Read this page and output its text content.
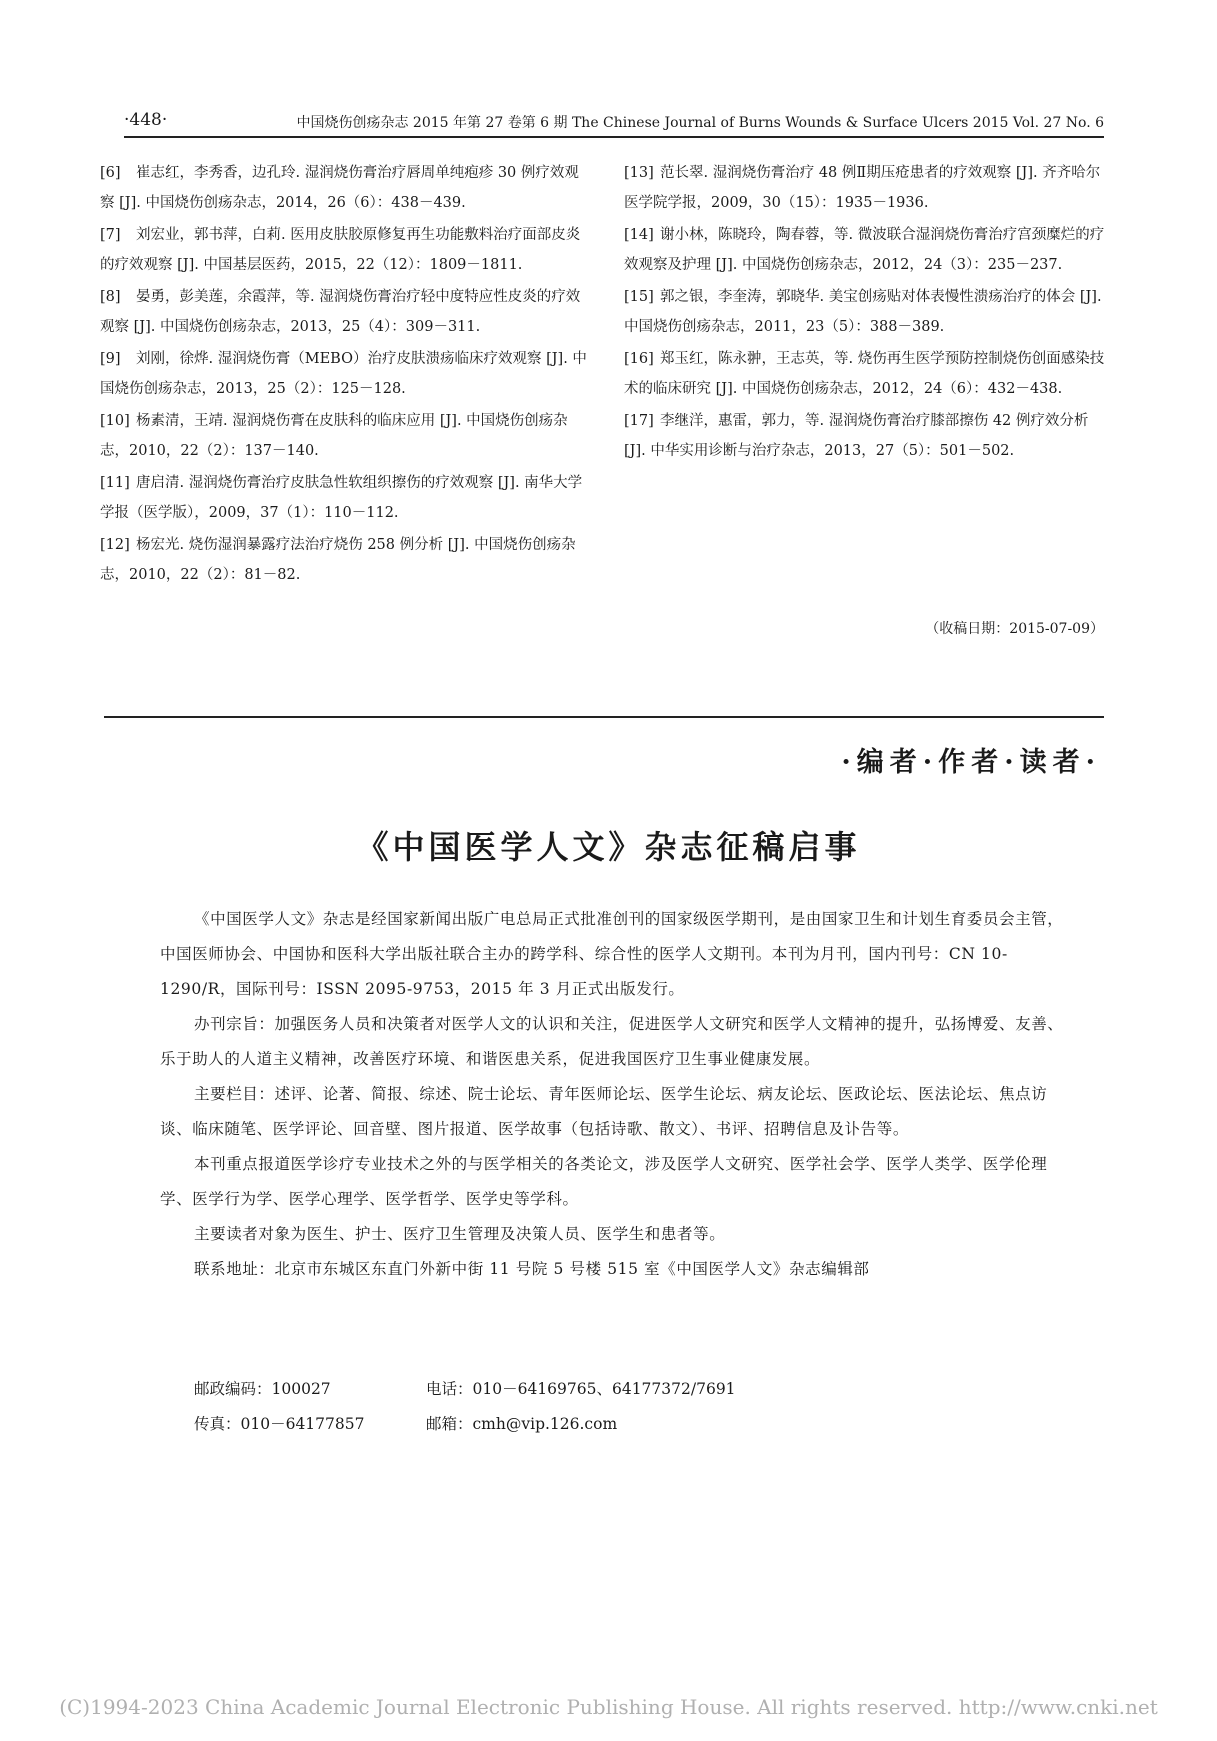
·448·	中国烧伤创疡杂志 2015 年第 27 卷第 6 期 The Chinese Journal of Burns Wounds & Surface Ulcers 2015 Vol. 27 No. 6
[6] 崔志红，李秀香，边孔玲. 湿润烧伤膏治疗唇周单纯疱疹 30 例疗效观察 [J]. 中国烧伤创疡杂志，2014，26（6）：438－439.
[7] 刘宏业，郭书萍，白莉. 医用皮肤胶原修复再生功能敷料治疗面部皮炎的疗效观察 [J]. 中国基层医药，2015，22（12）：1809－1811.
[8] 晏勇，彭美莲，余霞萍，等. 湿润烧伤膏治疗轻中度特应性皮炎的疗效观察 [J]. 中国烧伤创疡杂志，2013，25（4）：309－311.
[9] 刘刚，徐烨. 湿润烧伤膏（MEBO）治疗皮肤溃疡临床疗效观察 [J]. 中国烧伤创疡杂志，2013，25（2）：125－128.
[10] 杨素清，王靖. 湿润烧伤膏在皮肤科的临床应用 [J]. 中国烧伤创疡杂志，2010，22（2）：137－140.
[11] 唐启清. 湿润烧伤膏治疗皮肤急性软组织擦伤的疗效观察 [J]. 南华大学学报（医学版），2009，37（1）：110－112.
[12] 杨宏光. 烧伤湿润暴露疗法治疗烧伤 258 例分析 [J]. 中国烧伤创疡杂志，2010，22（2）：81－82.
[13] 范长翠. 湿润烧伤膏治疗 48 例Ⅱ期压疮患者的疗效观察 [J]. 齐齐哈尔医学院学报，2009，30（15）：1935－1936.
[14] 谢小林，陈晓玲，陶春蓉，等. 微波联合湿润烧伤膏治疗宫颈糜烂的疗效观察及护理 [J]. 中国烧伤创疡杂志，2012，24（3）：235－237.
[15] 郭之银，李奎涛，郭晓华. 美宝创疡贴对体表慢性溃疡治疗的体会 [J]. 中国烧伤创疡杂志，2011，23（5）：388－389.
[16] 郑玉红，陈永翀，王志英，等. 烧伤再生医学预防控制烧伤创面感染技术的临床研究 [J]. 中国烧伤创疡杂志，2012，24（6）：432－438.
[17] 李继洋，惠雷，郭力，等. 湿润烧伤膏治疗膝部擦伤 42 例疗效分析 [J]. 中华实用诊断与治疗杂志，2013，27（5）：501－502.
（收稿日期：2015-07-09）
·编者·作者·读者·
《中国医学人文》杂志征稿启事

《中国医学人文》杂志是经国家新闻出版广电总局正式批准创刊的国家级医学期刊，是由国家卫生和计划生育委员会主管，中国医师协会、中国协和医科大学出版社联合主办的跨学科、综合性的医学人文期刊。本刊为月刊，国内刊号：CN 10-1290/R，国际刊号：ISSN 2095-9753，2015 年 3 月正式出版发行。

办刊宗旨：加强医务人员和决策者对医学人文的认识和关注，促进医学人文研究和医学人文精神的提升，弘扬博爱、友善、乐于助人的人道主义精神，改善医疗环境、和谐医患关系，促进我国医疗卫生事业健康发展。

主要栏目：述评、论著、简报、综述、院士论坛、青年医师论坛、医学生论坛、病友论坛、医政论坛、医法论坛、焦点访谈、临床随笔、医学评论、回音壁、图片报道、医学故事（包括诗歌、散文）、书评、招聘信息及讣告等。

本刊重点报道医学诊疗专业技术之外的与医学相关的各类论文，涉及医学人文研究、医学社会学、医学人类学、医学伦理学、医学行为学、医学心理学、医学哲学、医学史等学科。

主要读者对象为医生、护士、医疗卫生管理及决策人员、医学生和患者等。

联系地址：北京市东城区东直门外新中街 11 号院 5 号楼 515 室《中国医学人文》杂志编辑部

邮政编码：100027	电话：010－64169765、64177372/7691
传真：010－64177857	邮箱：cmh@vip.126.com
(C)1994-2023 China Academic Journal Electronic Publishing House. All rights reserved. http://www.cnki.net
